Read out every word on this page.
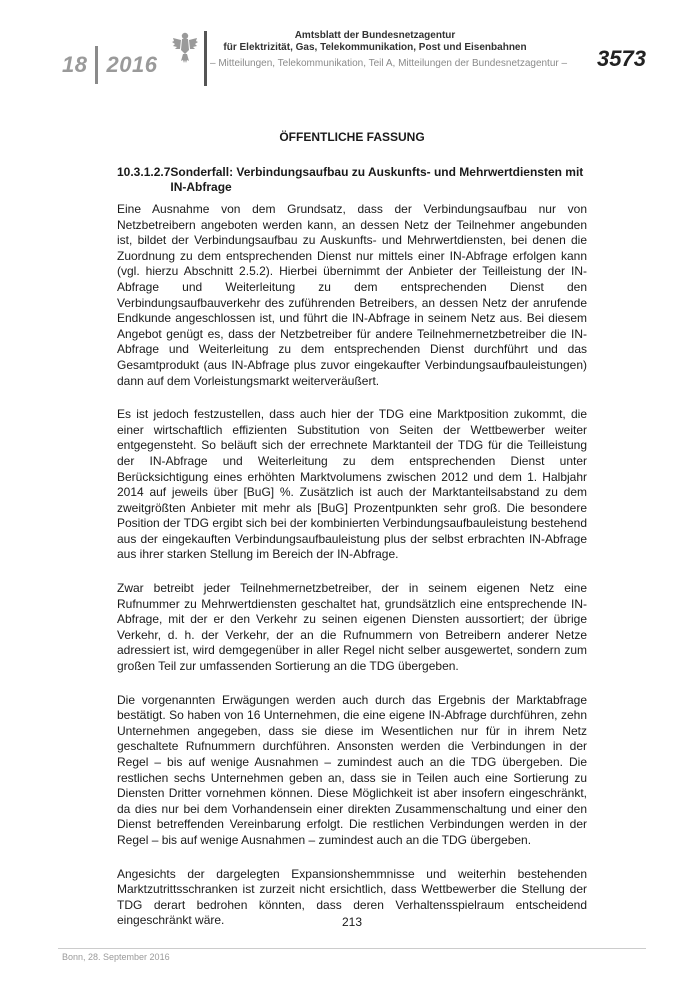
18 2016
Amtsblatt der Bundesnetzagentur
für Elektrizität, Gas, Telekommunikation, Post und Eisenbahnen
– Mitteilungen, Telekommunikation, Teil A, Mitteilungen der Bundesnetzagentur – 3573
ÖFFENTLICHE FASSUNG
10.3.1.2.7 Sonderfall: Verbindungsaufbau zu Auskunfts- und Mehrwertdiensten mit IN-Abfrage

Eine Ausnahme von dem Grundsatz, dass der Verbindungsaufbau nur von Netzbetreibern angeboten werden kann, an dessen Netz der Teilnehmer angebunden ist, bildet der Verbindungsaufbau zu Auskunfts- und Mehrwertdiensten, bei denen die Zuordnung zu dem entsprechenden Dienst nur mittels einer IN-Abfrage erfolgen kann (vgl. hierzu Abschnitt 2.5.2). Hierbei übernimmt der Anbieter der Teilleistung der IN-Abfrage und Weiterleitung zu dem entsprechenden Dienst den Verbindungsaufbauverkehr des zuführenden Betreibers, an dessen Netz der anrufende Endkunde angeschlossen ist, und führt die IN-Abfrage in seinem Netz aus. Bei diesem Angebot genügt es, dass der Netzbetreiber für andere Teilnehmernetzbetreiber die IN-Abfrage und Weiterleitung zu dem entsprechenden Dienst durchführt und das Gesamtprodukt (aus IN-Abfrage plus zuvor eingekaufter Verbindungsaufbauleistungen) dann auf dem Vorleistungsmarkt weiterveräußert.

Es ist jedoch festzustellen, dass auch hier der TDG eine Marktposition zukommt, die einer wirtschaftlich effizienten Substitution von Seiten der Wettbewerber weiter entgegensteht. So beläuft sich der errechnete Marktanteil der TDG für die Teilleistung der IN-Abfrage und Weiterleitung zu dem entsprechenden Dienst unter Berücksichtigung eines erhöhten Marktvolumens zwischen 2012 und dem 1. Halbjahr 2014 auf jeweils über [BuG] %. Zusätzlich ist auch der Marktanteilsabstand zu dem zweitgrößten Anbieter mit mehr als [BuG] Prozentpunkten sehr groß. Die besondere Position der TDG ergibt sich bei der kombinierten Verbindungsaufbauleistung bestehend aus der eingekauften Verbindungsaufbauleistung plus der selbst erbrachten IN-Abfrage aus ihrer starken Stellung im Bereich der IN-Abfrage.

Zwar betreibt jeder Teilnehmernetzbetreiber, der in seinem eigenen Netz eine Rufnummer zu Mehrwertdiensten geschaltet hat, grundsätzlich eine entsprechende IN-Abfrage, mit der er den Verkehr zu seinen eigenen Diensten aussortiert; der übrige Verkehr, d. h. der Verkehr, der an die Rufnummern von Betreibern anderer Netze adressiert ist, wird demgegenüber in aller Regel nicht selber ausgewertet, sondern zum großen Teil zur umfassenden Sortierung an die TDG übergeben.

Die vorgenannten Erwägungen werden auch durch das Ergebnis der Marktabfrage bestätigt. So haben von 16 Unternehmen, die eine eigene IN-Abfrage durchführen, zehn Unternehmen angegeben, dass sie diese im Wesentlichen nur für in ihrem Netz geschaltete Rufnummern durchführen. Ansonsten werden die Verbindungen in der Regel – bis auf wenige Ausnahmen – zumindest auch an die TDG übergeben. Die restlichen sechs Unternehmen geben an, dass sie in Teilen auch eine Sortierung zu Diensten Dritter vornehmen können. Diese Möglichkeit ist aber insofern eingeschränkt, da dies nur bei dem Vorhandensein einer direkten Zusammenschaltung und einer den Dienst betreffenden Vereinbarung erfolgt. Die restlichen Verbindungen werden in der Regel – bis auf wenige Ausnahmen – zumindest auch an die TDG übergeben.

Angesichts der dargelegten Expansionshemmnisse und weiterhin bestehenden Marktzutrittsschranken ist zurzeit nicht ersichtlich, dass Wettbewerber die Stellung der TDG derart bedrohen könnten, dass deren Verhaltensspielraum entscheidend eingeschränkt wäre.	213
Bonn, 28. September 2016
